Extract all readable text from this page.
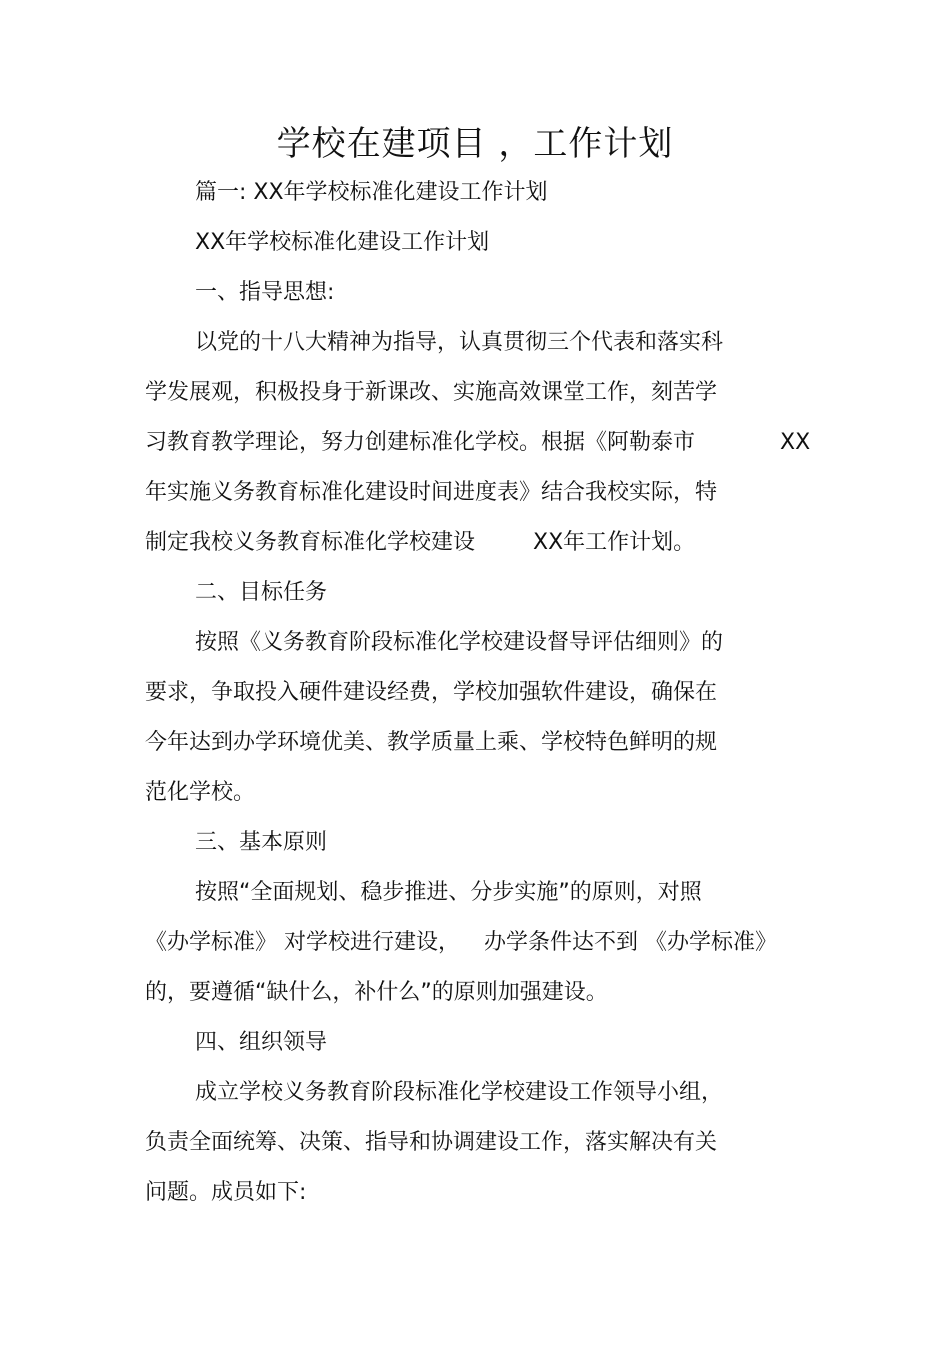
学校在建项目 ，工作计划
篇一: XX年学校标准化建设工作计划
XX年学校标准化建设工作计划
一、指导思想:
以党的十八大精神为指导，认真贯彻三个代表和落实科
学发展观，积极投身于新课改、实施高效课堂工作，刻苦学
习教育教学理论，努力创建标准化学校。根据《阿勒泰市	XX
年实施义务教育标准化建设时间进度表》结合我校实际，特
制定我校义务教育标准化学校建设	XX年工作计划。
二、目标任务
按照《义务教育阶段标准化学校建设督导评估细则》的
要求，争取投入硬件建设经费，学校加强软件建设，确保在
今年达到办学环境优美、教学质量上乘、学校特色鲜明的规
范化学校。
三、基本原则
按照“全面规划、稳步推进、分步实施”的原则，对照
《办学标准》 对学校进行建设， 办学条件达不到 《办学标准》
的，要遵循“缺什么，补什么”的原则加强建设。
四、组织领导
成立学校义务教育阶段标准化学校建设工作领导小组，
负责全面统筹、决策、指导和协调建设工作，落实解决有关
问题。成员如下:
